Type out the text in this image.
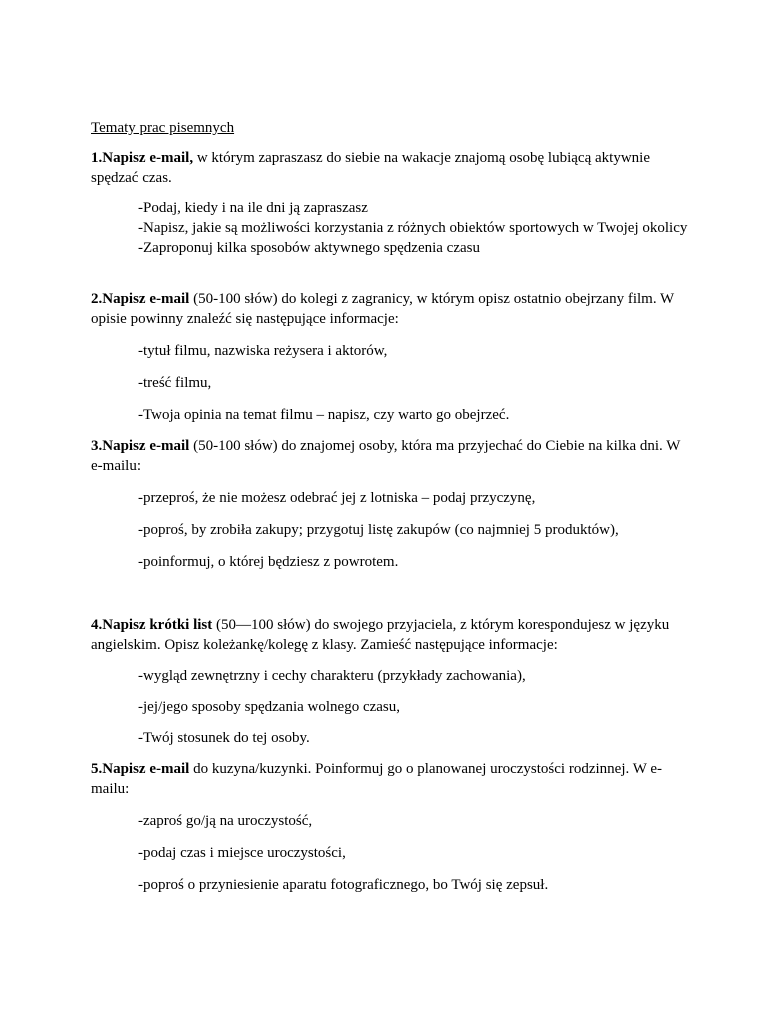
Tematy prac pisemnych

1.Napisz e-mail, w którym zapraszasz do siebie na wakacje znajomą osobę lubiącą aktywnie spędzać czas.

-Podaj, kiedy i na ile dni ją zapraszasz

-Napisz, jakie są możliwości korzystania z różnych obiektów sportowych w Twojej okolicy

-Zaproponuj kilka sposobów aktywnego spędzenia czasu

2.Napisz e-mail (50-100 słów) do kolegi z zagranicy, w którym opisz ostatnio obejrzany film. W opisie powinny znaleźć się następujące informacje:

-tytuł filmu, nazwiska reżysera i aktorów,

-treść filmu,

-Twoja opinia na temat filmu – napisz, czy warto go obejrzeć.

3.Napisz e-mail (50-100 słów) do znajomej osoby, która ma przyjechać do Ciebie na kilka dni. W e-mailu:

-przeproś, że nie możesz odebrać jej z lotniska – podaj przyczynę,

-poproś, by zrobiła zakupy; przygotuj listę zakupów (co najmniej 5 produktów),

-poinformuj, o której będziesz z powrotem.

4.Napisz krótki list (50—100 słów) do swojego przyjaciela, z którym korespondujesz w języku angielskim. Opisz koleżankę/kolegę z klasy. Zamieść następujące informacje:

-wygląd zewnętrzny i cechy charakteru (przykłady zachowania),

-jej/jego sposoby spędzania wolnego czasu,

-Twój stosunek do tej osoby.

5.Napisz e-mail do kuzyna/kuzynki. Poinformuj go o planowanej uroczystości rodzinnej. W e-mailu:

-zaproś go/ją na uroczystość,

-podaj czas i miejsce uroczystości,

-poproś o przyniesienie aparatu fotograficznego, bo Twój się zepsuł.
